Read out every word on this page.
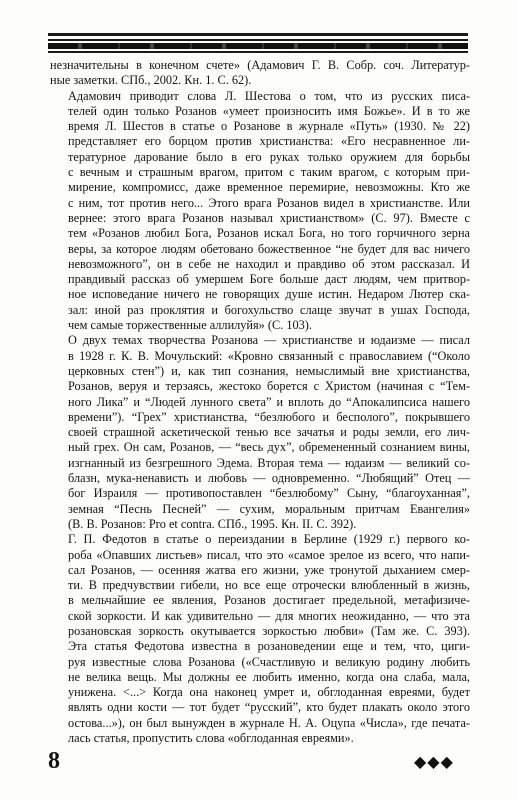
незначительны в конечном счете» (Адамович Г. В. Собр. соч. Литератур-
ные заметки. СПб., 2002. Кн. 1. С. 62).

Адамович приводит слова Л. Шестова о том, что из русских писа-
телей один только Розанов «умеет произносить имя Божье». И в то же
время Л. Шестов в статье о Розанове в журнале «Путь» (1930. № 22)
представляет его борцом против христианства: «Его несравненное ли-
тературное дарование было в его руках только оружием для борьбы
с вечным и страшным врагом, притом с таким врагом, с которым при-
мирение, компромисс, даже временное перемирие, невозможны. Кто же
с ним, тот против него... Этого врага Розанов видел в христианстве. Или
вернее: этого врага Розанов называл христианством» (С. 97). Вместе с
тем «Розанов любил Бога, Розанов искал Бога, но того горчичного зерна
веры, за которое людям обетовано божественное “не будет для вас ничего
невозможного”, он в себе не находил и правдиво об этом рассказал. И
правдивый рассказ об умершем Боге больше даст людям, чем притвор-
ное исповедание ничего не говорящих душе истин. Недаром Лютер ска-
зал: иной раз проклятия и богохульство слаще звучат в ушах Господа,
чем самые торжественные аллилуйя» (С. 103).

О двух темах творчества Розанова — христианстве и юдаизме — писал
в 1928 г. К. В. Мочульский: «Кровно связанный с православием (“Около
церковных стен”) и, как тип сознания, немыслимый вне христианства,
Розанов, веруя и терзаясь, жестоко борется с Христом (начиная с “Тем-
ного Лика” и “Людей лунного света” и вплоть до “Апокалипсиса нашего
времени”). “Грех” христианства, “безлюбого и бесполого”, покрывшего
своей страшной аскетической тенью все зачатья и роды земли, его лич-
ный грех. Он сам, Розанов, — “весь дух”, обремененный сознанием вины,
изгнанный из безгрешного Эдема. Вторая тема — юдаизм — великий со-
блазн, мука-ненависть и любовь — одновременно. “Любящий” Отец —
бог Израиля — противопоставлен “безлюбому” Сыну, “благоуханная”,
земная “Песнь Песней” — сухим, моральным притчам Евангелия»
(В. В. Розанов: Pro et contra. СПб., 1995. Кн. II. С. 392).

Г. П. Федотов в статье о переиздании в Берлине (1929 г.) первого ко-
роба «Опавших листьев» писал, что это «самое зрелое из всего, что напи-
сал Розанов, — осенняя жатва его жизни, уже тронутой дыханием смер-
ти. В предчувствии гибели, но все еще отрочески влюбленный в жизнь,
в мельчайшие ее явления, Розанов достигает предельной, метафизиче-
ской зоркости. И как удивительно — для многих неожиданно, — что эта
розановская зоркость окутывается зоркостью любви» (Там же. С. 393).
Эта статья Федотова известна в розановедении еще и тем, что, циги-
руя известные слова Розанова («Счастливую и великую родину любить
не велика вещь. Мы должны ее любить именно, когда она слаба, мала,
унижена. <...> Когда она наконец умрет и, обглоданная евреями, будет
являть одни кости — тот будет “русский”, кто будет плакать около этого
остова...»), он был вынужден в журнале Н. А. Оцупа «Числа», где печата-
лась статья, пропустить слова «обглоданная евреями».

8	◆◆◆
